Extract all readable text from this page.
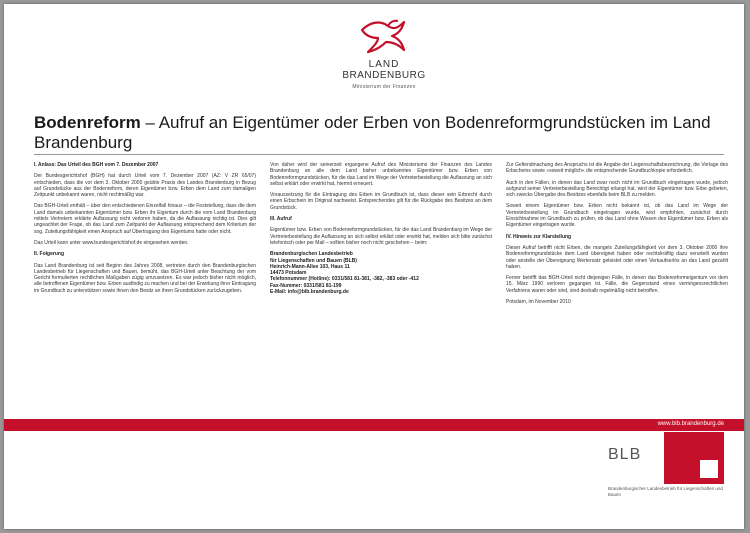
LAND
BRANDENBURG
Ministerium der Finanzen
Bodenreform – Aufruf an Eigentümer oder Erben von Bodenreformgrundstücken im Land Brandenburg

I. Anlass: Das Urteil des BGH vom 7. Dezember 2007

Der Bundesgerichtshof (BGH) hat durch Urteil vom 7. Dezember 2007 (AZ: V ZR 65/07) entschieden, dass die vor dem 3. Oktober 2000 geübte Praxis des Landes Brandenburg in Bezug auf Grundstücke aus der Bodenreform, deren Eigentümer bzw. Erben dem Land zum damaligen Zeitpunkt unbekannt waren, nicht rechtmäßig war.

Das BGH-Urteil enthält – über den entschiedenen Einzelfall hinaus – die Feststellung, dass die dem Land damals unbekannten Eigentümer bzw. Erben ihr Eigentum durch die vom Land Brandenburg mittels Vertretern erklärte Auflassung nicht verloren haben, da die Auflassung nichtig ist. Dies gilt ungeachtet der Frage, ob das Land zum Zeitpunkt der Auflassung entsprechend dem Kriterium der sog. Zuteilungsfähigkeit einen Anspruch auf Übertragung des Eigentums hatte oder nicht.

Das Urteil kann unter www.bundesgerichtshof.de eingesehen werden.

II. Folgerung

Das Land Brandenburg ist seit Beginn des Jahres 2008, vertreten durch den Brandenburgischen Landesbetrieb für Liegenschaften und Bauen, bemüht, das BGH-Urteil unter Beachtung der vom Gericht formulierten rechtlichen Maßgaben zügig umzusetzen. Es war jedoch bisher nicht möglich, alle betroffenen Eigentümer bzw. Erben ausfindig zu machen und bei der Erwirkung ihrer Eintragung im Grundbuch zu unterstützen sowie ihnen den Besitz an ihren Grundstücken zurückzugeben.

Von daher wird der seinerzeit ergangene Aufruf des Ministeriums der Finanzen des Landes Brandenburg an alle dem Land bisher unbekannten Eigentümer bzw. Erben von Bodenreformgrundstücken, für die das Land im Wege der Vertreterbestellung die Auflassung an sich selbst erklärt oder erwirkt hat, hiermit erneuert.

Voraussetzung für die Eintragung des Erben im Grundbuch ist, dass dieser sein Erbrecht durch einen Erbschein im Original nachweist. Entsprechendes gilt für die Rückgabe des Besitzes an dem Grundstück.

III. Aufruf

Eigentümer bzw. Erben von Bodenreformgrundstücken, für die das Land Brandenburg im Wege der Vertreterbestellung die Auflassung an sich selbst erklärt oder erwirkt hat, melden sich bitte zunächst telefonisch oder per Mail – sollten bisher noch nicht geschehen – beim:

Brandenburgischen Landesbetrieb
für Liegenschaften und Bauen (BLB)
Heinrich-Mann-Allee 103, Haus 11
14473 Potsdam
Telefonnummer (Hotline): 0331/581 81-381, -382, -383 oder -412
Fax-Nummer: 0331/581 81-199
E-Mail: info@blb.brandenburg.de

Zur Geltendmachung des Anspruchs ist die Angabe der Liegenschaftsbezeichnung, die Vorlage des Erbscheins sowie »soweit möglich« die entsprechende Grundbuchkopie erforderlich.

Auch in den Fällen, in denen das Land zwar noch nicht im Grundbuch eingetragen wurde, jedoch aufgrund seiner Vertreterbestellung Berechtigt erlangt hat, wird der Eigentümer bzw. Erbe gebeten, sich zwecks Übergabe des Besitzes ebenfalls beim BLB zu melden.

Soweit einem Eigentümer bzw. Erben nicht bekannt ist, ob das Land im Wege der Vertreterbestellung im Grundbuch eingetragen wurde, wird empfohlen, zunächst durch Einsichtnahme im Grundbuch zu prüfen, ob das Land ohne Wissen des Eigentümer bzw. Erben als Eigentümer eingetragen wurde.

IV. Hinweis zur Klarstellung

Dieser Aufruf betrifft nicht Erben, die mangels Zuteilungsfähigkeit vor dem 3. Oktober 2000 ihre Bodenreformgrundstücke dem Land übereignet haben oder rechtskräftig dazu verurteilt wurden oder anstelle der Übereignung Wertersatz geleistet oder einen Verkaufserlös an das Land gezahlt haben.

Ferner betrifft das BGH-Urteil nicht diejenigen Fälle, in denen das Bodenreformeigentum vor dem 15. März 1990 verloren gegangen ist. Fälle, die Gegenstand eines vermögensrechtlichen Verfahrens waren oder sind, sind deshalb regelmäßig nicht betroffen.

Potsdam, im November 2010

www.blb.brandenburg.de
BLB
Brandenburgischer Landesbetrieb für Liegenschaften und Bauen
